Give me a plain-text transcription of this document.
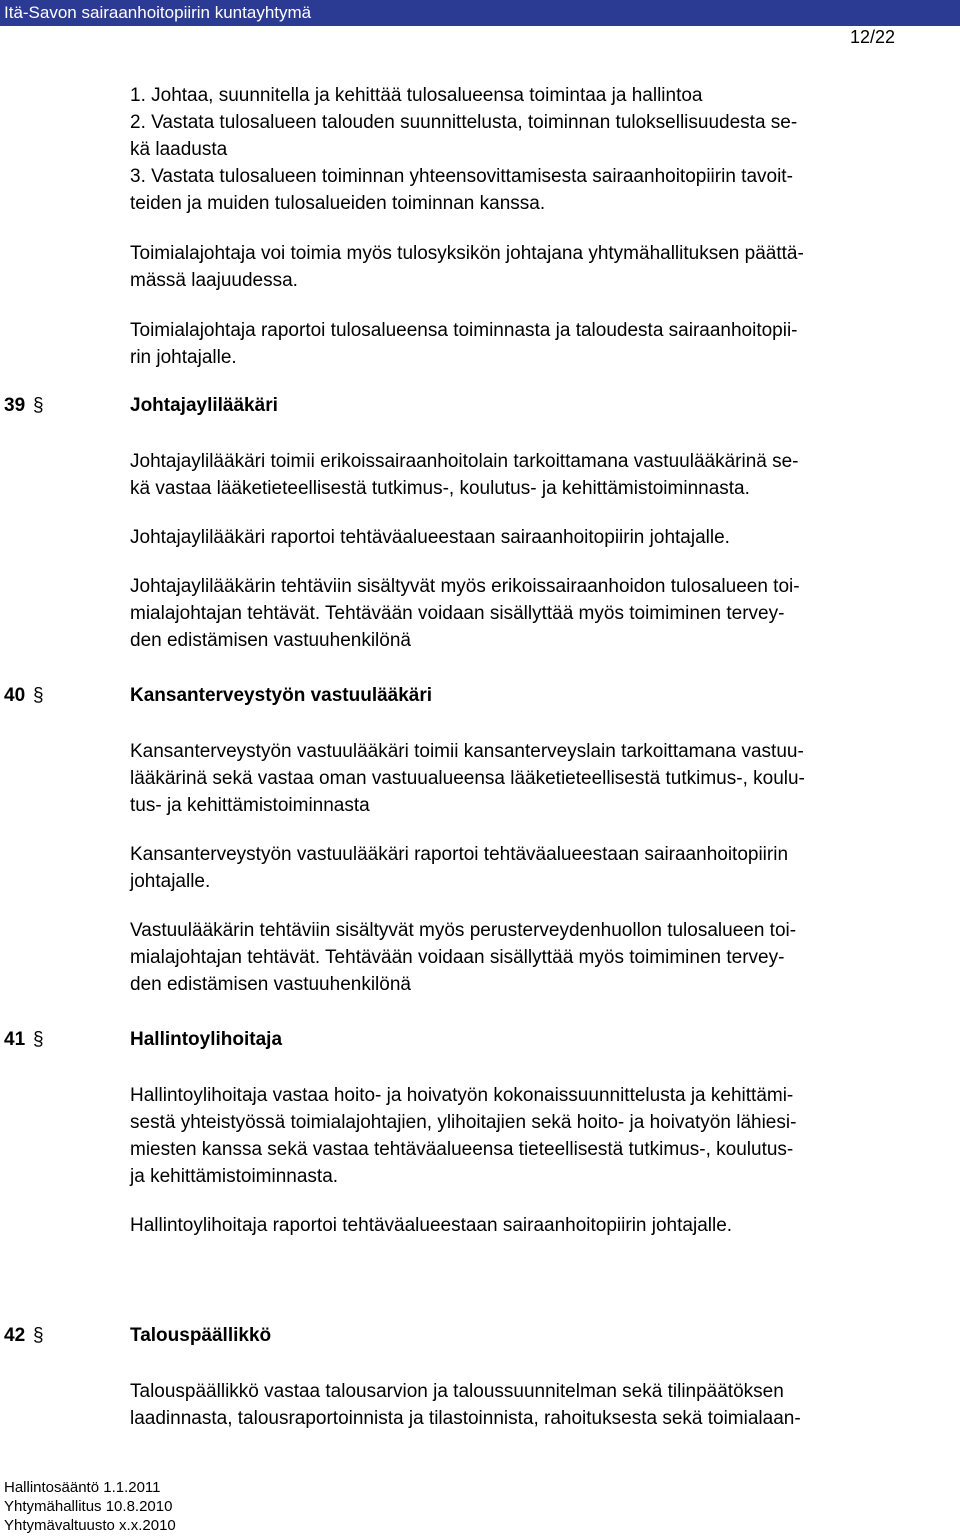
Itä-Savon sairaanhoitopiirin kuntayhtymä
12/22
1. Johtaa, suunnitella ja kehittää tulosalueensa toimintaa ja hallintoa
2. Vastata tulosalueen talouden suunnittelusta, toiminnan tuloksellisuudesta se-
kä laadusta
3. Vastata tulosalueen toiminnan yhteensovittamisesta sairaanhoitopiirin tavoit-
teiden ja muiden tulosalueiden toiminnan kanssa.
Toimialajohtaja voi toimia myös tulosyksikön johtajana yhtymähallituksen päättä-
mässä laajuudessa.
Toimialajohtaja raportoi tulosalueensa toiminnasta ja taloudesta sairaanhoitopii-
rin johtajalle.
39 §	Johtajaylilääkäri
Johtajaylilääkäri toimii erikoissairaanhoitolain tarkoittamana vastuulääkärinä se-
kä vastaa lääketieteellisestä tutkimus-, koulutus- ja kehittämistoiminnasta.
Johtajaylilääkäri raportoi tehtäväalueestaan sairaanhoitopiirin johtajalle.
Johtajaylilääkärin tehtäviin sisältyvät myös erikoissairaanhoidon tulosalueen toi-
mialajohtajan tehtävät. Tehtävään voidaan sisällyttää myös toimiminen tervey-
den edistämisen vastuuhenkilönä
40 §	Kansanterveystyön vastuulääkäri
Kansanterveystyön vastuulääkäri toimii kansanterveyslain tarkoittamana vastuu-
lääkärinä sekä vastaa oman vastuualueensa lääketieteellisestä tutkimus-, koulu-
tus- ja kehittämistoiminnasta
Kansanterveystyön vastuulääkäri raportoi tehtäväalueestaan sairaanhoitopiirin
johtajalle.
Vastuulääkärin tehtäviin sisältyvät myös perusterveydenhuollon tulosalueen toi-
mialajohtajan tehtävät. Tehtävään voidaan sisällyttää myös toimiminen tervey-
den edistämisen vastuuhenkilönä
41 §	Hallintoylihoitaja
Hallintoylihoitaja vastaa hoito- ja hoivatyön kokonaissuunnittelusta ja kehittämi-
sestä yhteistyössä toimialajohtajien, ylihoitajien sekä hoito- ja hoivatyön lähiesi-
miesten kanssa sekä vastaa tehtäväalueensa tieteellisestä tutkimus-, koulutus-
ja kehittämistoiminnasta.
Hallintoylihoitaja raportoi tehtäväalueestaan sairaanhoitopiirin johtajalle.
42 §	Talouspäällikkö
Talouspäällikkö vastaa talousarvion ja taloussuunnitelman sekä tilinpäätöksen
laadinnasta, talousraportoinnista ja tilastoinnista, rahoituksesta sekä toimialaan-
Hallintosääntö 1.1.2011
Yhtymähallitus 10.8.2010
Yhtymävaltuusto x.x.2010
